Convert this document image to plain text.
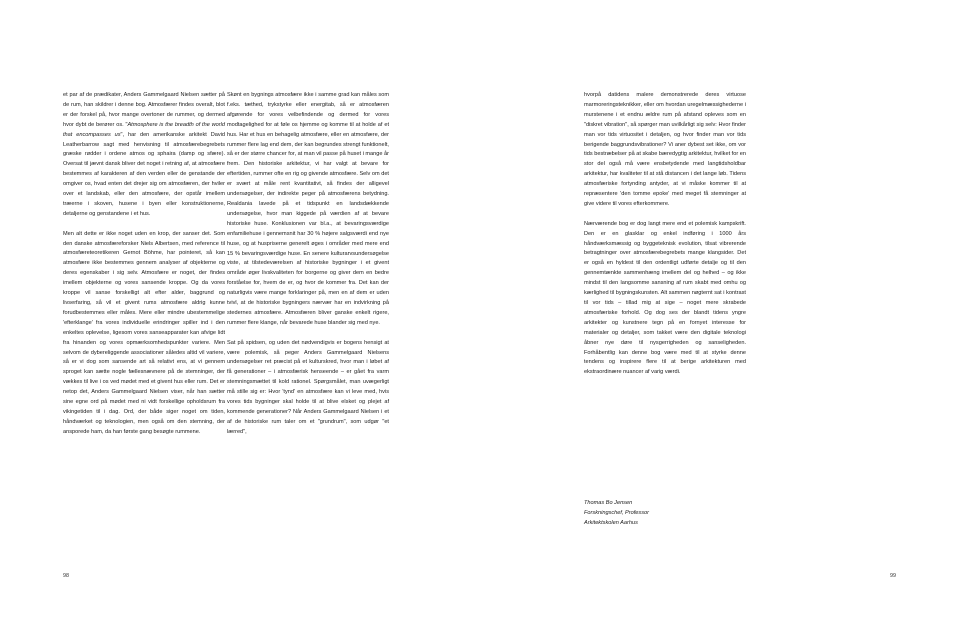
et par af de prædikater, Anders Gammelgaard Nielsen sætter på de rum, han skildrer i denne bog. Atmosfærer findes overalt, blot er der forskel på, hvor mange overtoner de rummer, og dermed hvor dybt de berører os. "Atmosphere is the breadth of the world that encompasses us", har den amerikanske arkitekt David Leatherbarrow sagt med henvisning til atmosfærebegrebets græske rødder i ordene atmos og sphaira (damp og sfære). Oversat til jævnt dansk bliver det noget i retning af, at atmosfære bestemmes af karakteren af den verden eller de genstande der omgiver os, hvad enten det drejer sig om atmosfæren, der hviler over et landskab, eller den atmosfære, der opstår imellem træerne i skoven, husene i byen eller konstruktionerne, detaljerne og genstandene i et hus.

Men alt dette er ikke noget uden en krop, der sanser det. Som den danske atmosfæreforsker Niels Albertsen, med reference til atmosfæreteoretikeren Gernot Böhme, har pointeret, så kan atmosfære ikke bestemmes gennem analyser af objekterne og deres egenskaber i sig selv. Atmosfære er noget, der findes imellem objekterne og vores sansende kroppe. Og da vores kroppe vil sanse forskelligt alt efter alder, baggrund og livserfaring, så vil et givent rums atmosfære aldrig kunne forudbestemmes eller måles. Mere eller mindre ubestemmelige 'efterklange' fra vores individuelle erindringer spiller ind i den enkeltes oplevelse, ligesom vores sanseapparater kan afvige lidt fra hinanden og vores opmærksomhedspunkter variere. Men selvom de dybereliggende associationer således altid vil variere, så er vi dog som sansende art så relativt ens, at vi gennem sproget kan sætte nogle fællesnævnere på de stemninger, der vækkes til live i os ved mødet med et givent hus eller rum. Det er netop det, Anders Gammelgaard Nielsen viser, når han sætter sine egne ord på mødet med ni vidt forskellige opholdsrum fra vikingetiden til i dag. Ord, der både siger noget om tiden, håndværket og teknologien, men også om den stemning, der ansporede ham, da han første gang besøgte rummene.

Skønt en bygnings atmosfære ikke i samme grad kan måles som f.eks. tæthed, trykstyrke eller energitab, så er atmosfæren afgørende for vores velbefindende og dermed for vores modtagelighed for at føle os hjemme og komme til at holde af et hus. Har et hus en behagelig atmosfære, eller en atmosfære, der rummer flere lag end dem, der kan begrundes strengt funktionelt, så er der større chancer for, at man vil passe på huset i mange år frem. Den historiske arkitektur, vi har valgt at bevare for eftertiden, rummer ofte en rig og givende atmosfære. Selv om det er svært at måle rent kvantitativt, så findes der alligevel undersøgelser, der indirekte peger på atmosfærens betydning. Realdania lavede på et tidspunkt en landsdækkende undersøgelse, hvor man kiggede på værdien af at bevare historiske huse. Konklusionen var bl.a., at bevaringsværdige enfamiliehuse i gennemsnit har 30 % højere salgsværdi end nye huse, og at huspriserne generelt øges i områder med mere end 15 % bevaringsværdige huse. En senere kulturarvsundersøgelse viste, at tilstedeværelsen af historiske bygninger i et givent område øger livskvaliteten for borgerne og giver dem en bedre forståelse for, hvem de er, og hvor de kommer fra. Det kan der naturligvis være mange forklaringer på, men en af dem er uden tvivl, at de historiske bygningers nærvær har en indvirkning på stedernes atmosfære. Atmosfæren bliver ganske enkelt rigere, rummer flere klange, når bevarede huse blander sig med nye.

Sat på spidsen, og uden det nødvendigvis er bogens hensigt at være polemisk, så peger Anders Gammelgaard Nielsens undersøgelser ret præcist på et kulturskred, hvor man i løbet af få generationer – i atmosfærisk henseende – er gået fra varm stemningsmættet til kold rationel. Spørgsmålet, man uvægerligt må stille sig er: Hvor 'tynd' en atmosfære kan vi leve med, hvis vores tids bygninger skal holde til at blive elsket og plejet af kommende generationer? Når Anders Gammelgaard Nielsen i et af de historiske rum taler om et "grundrum", som udgør "et lærred",

98

hvorpå datidens malere demonstrerede deres virtuose marmoreringsteknikker, eller om hvordan uregelmæssighederne i murstenene i et endnu ældre rum på afstand opleves som en "diskret vibration", så spørger man uvilkårligt sig selv: Hvor finder man vor tids virtuositet i detaljen, og hvor finder man vor tids berigende baggrundsvibrationer? Vi aner dybest set ikke, om vor tids bestræbelser på at skabe bæredygtig arkitektur, hvilket for en stor del også må være ensbetydende med langtidsholdbar arkitektur, har kvaliteter til at stå distancen i det lange løb. Tidens atmosfæriske fortynding antyder, at vi måske kommer til at repræsentere 'den tomme epoke' med meget få stemninger at give videre til vores efterkommere.

Nærværende bog er dog langt mere end et polemisk kampskrift. Den er en glasklar og enkel indføring i 1000 års håndværksmæssig og byggeteknisk evolution, tilsat vibrerende betragtninger over atmosfærebegrebets mange klangsider. Det er også en hyldest til den ordentligt udførte detalje og til den gennemtænkte sammenhæng imellem del og helhed – og ikke mindst til den langsomme sansning af rum skabt med omhu og kærlighed til bygningskunsten. Alt sammen nøgternt sat i kontrast til vor tids – tillad mig at sige – noget mere skrabede atmosfæriske forhold. Og dog ses der blandt tidens yngre arkitekter og kunstnere tegn på en fornyet interesse for materialer og detaljer, som takket være den digitale teknologi åbner nye døre til nysgerrigheden og sanseligheden. Forhåbentlig kan denne bog være med til at styrke denne tendens og inspirere flere til at berige arkitekturen med ekstraordinære nuancer af varig værdi.

Thomas Bo Jensen
Forskningschef, Professor
Arkitektskolen Aarhus
99
